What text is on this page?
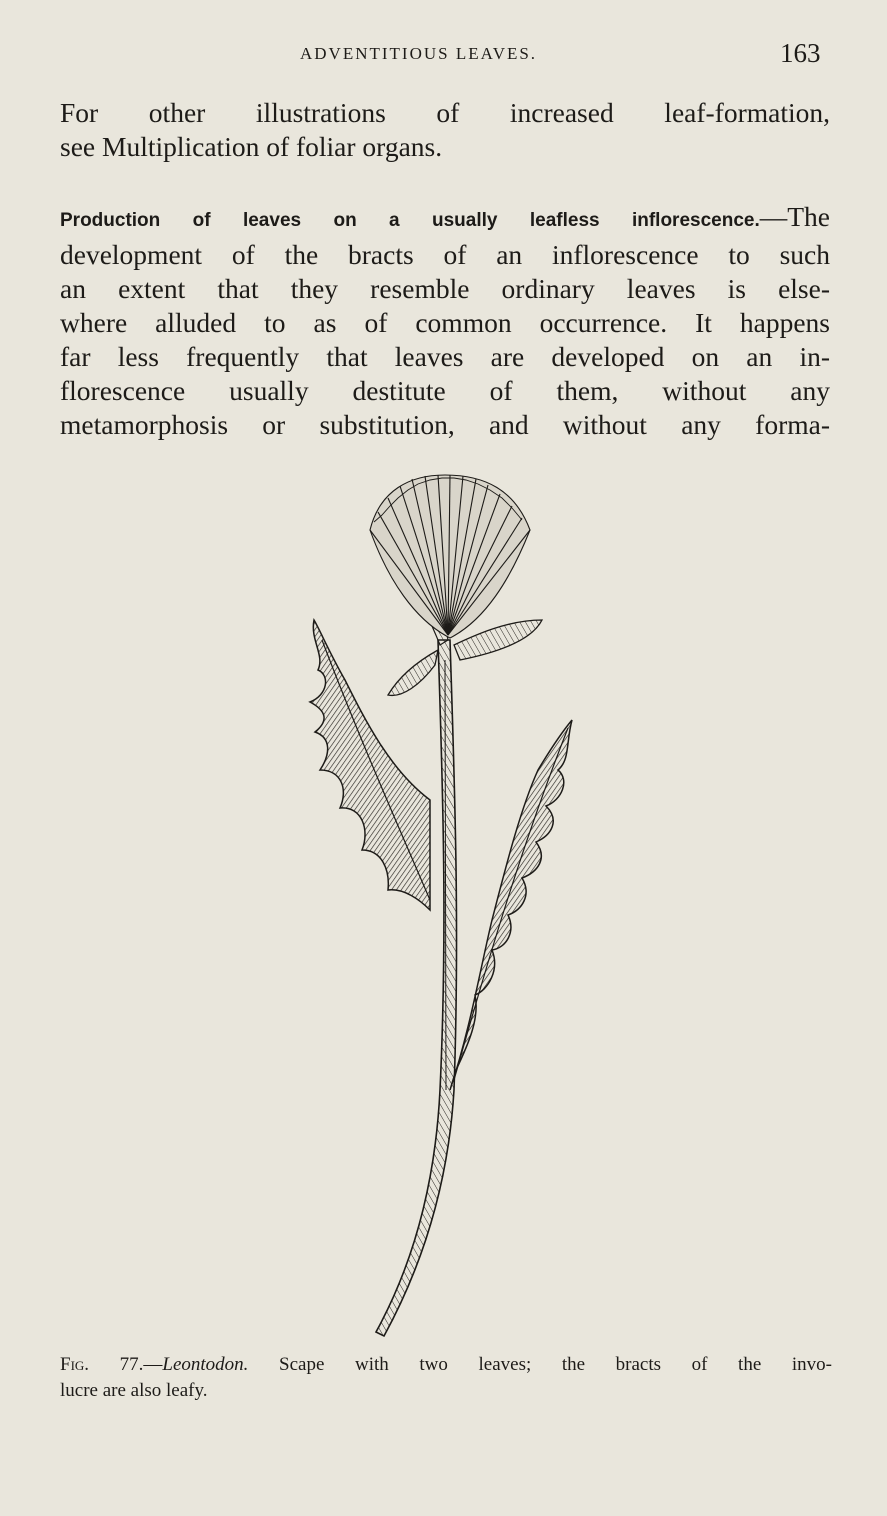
ADVENTITIOUS LEAVES.	163
For other illustrations of increased leaf-formation,
see Multiplication of foliar organs.
Production of leaves on a usually leafless inflorescence.—The
development of the bracts of an inflorescence to such
an extent that they resemble ordinary leaves is else-
where alluded to as of common occurrence. It happens
far less frequently that leaves are developed on an in-
florescence usually destitute of them, without any
metamorphosis or substitution, and without any forma-
Fig. 77.—Leontodon. Scape with two leaves; the bracts of the invo-
lucre are also leafy.
